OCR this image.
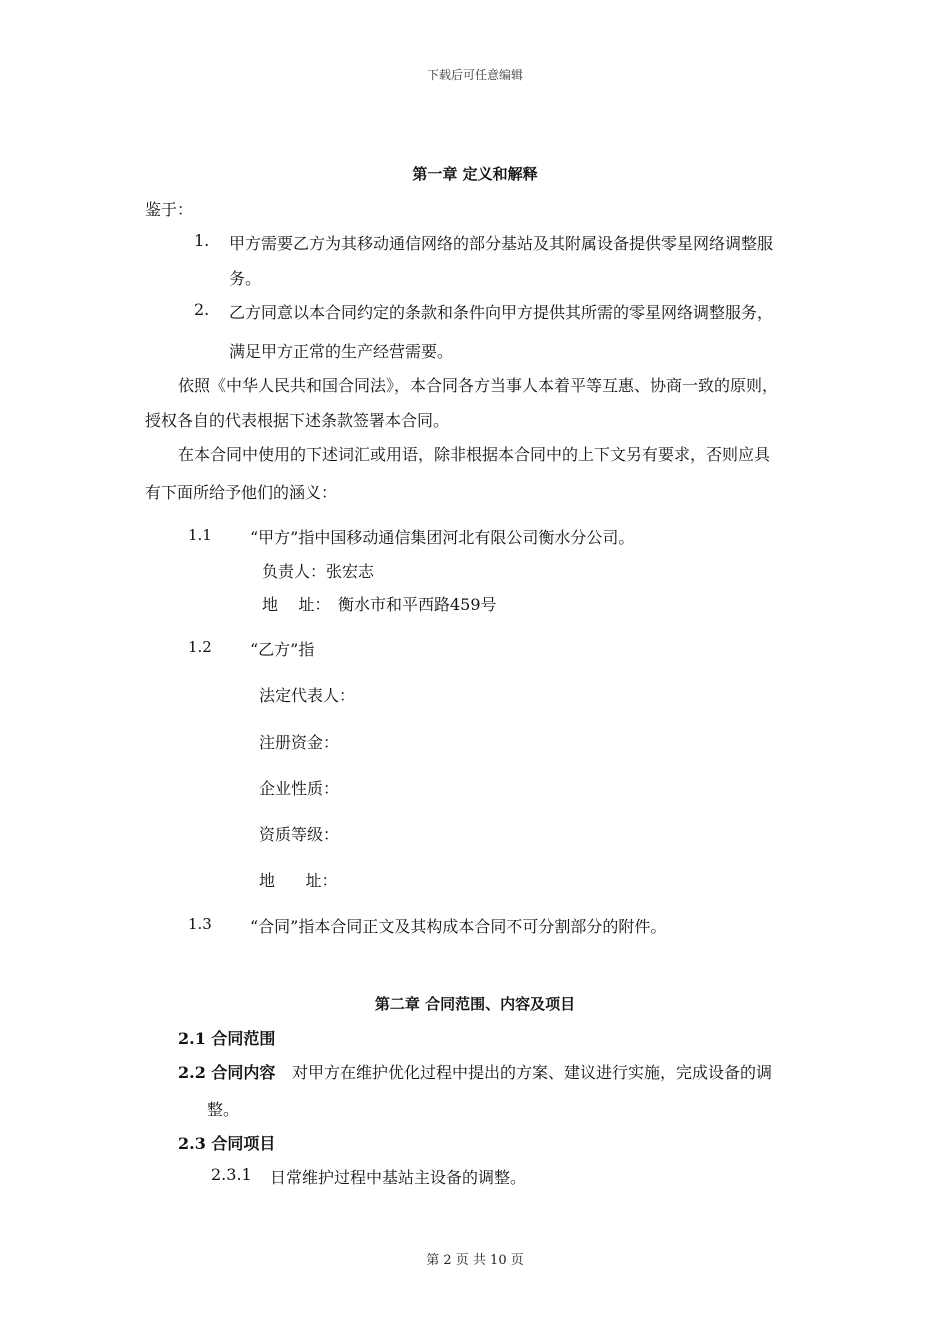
下载后可任意编辑
第一章 定义和解释
鉴于：
1. 甲方需要乙方为其移动通信网络的部分基站及其附属设备提供零星网络调整服
务。
2. 乙方同意以本合同约定的条款和条件向甲方提供其所需的零星网络调整服务，
满足甲方正常的生产经营需要。
依照《中华人民共和国合同法》，本合同各方当事人本着平等互惠、协商一致的原则，
授权各自的代表根据下述条款签署本合同。
在本合同中使用的下述词汇或用语，除非根据本合同中的上下文另有要求，否则应具
有下面所给予他们的涵义：
1.1 “甲方”指中国移动通信集团河北有限公司衡水分公司。
负责人：张宏志
地    址： 衡水市和平西路459号
1.2 “乙方”指
法定代表人：
注册资金：
企业性质：
资质等级：
地      址：
1.3 “合同”指本合同正文及其构成本合同不可分割部分的附件。
第二章 合同范围、内容及项目
2.1 合同范围
2.2 合同内容 对甲方在维护优化过程中提出的方案、建议进行实施，完成设备的调
整。
2.3 合同项目
2.3.1 日常维护过程中基站主设备的调整。
第 2 页 共 10 页
